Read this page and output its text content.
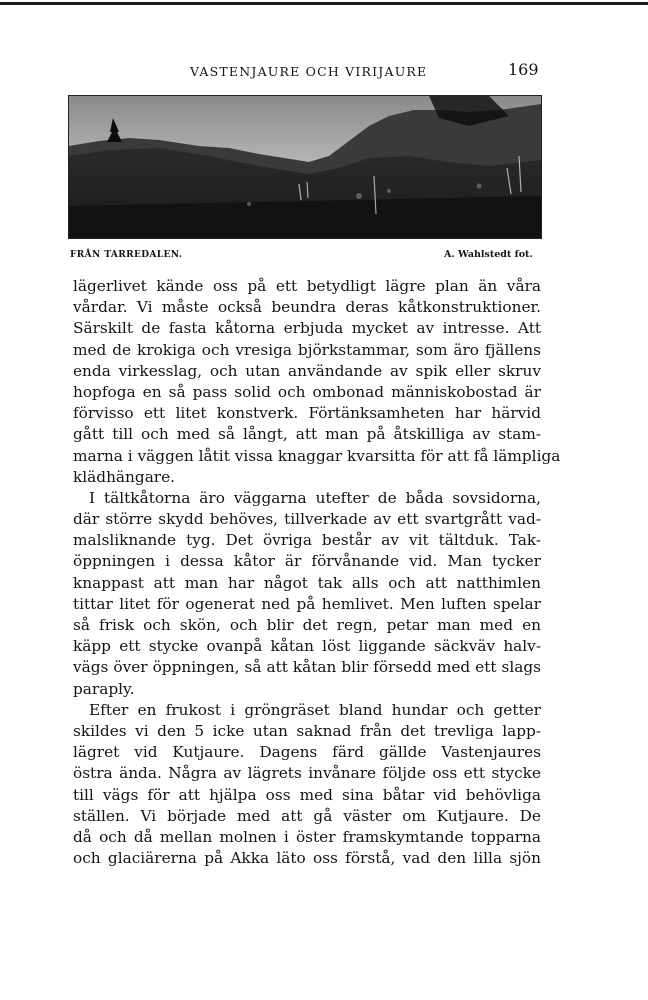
VASTENJAURE OCH VIRIJAURE	169
FRÅN TARREDALEN.	A. Wahlstedt fot.
lägerlivet kände oss på ett betydligt lägre plan än våra
vårdar. Vi måste också beundra deras kåtkonstruktioner.
Särskilt de fasta kåtorna erbjuda mycket av intresse. Att
med de krokiga och vresiga björkstammar, som äro fjällens
enda virkesslag, och utan användande av spik eller skruv
hopfoga en så pass solid och ombonad människobostad är
förvisso ett litet konstverk. Förtänksamheten har härvid
gått till och med så långt, att man på åtskilliga av stam-
marna i väggen låtit vissa knaggar kvarsitta för att få lämpliga
klädhängare.
I tältkåtorna äro väggarna utefter de båda sovsidorna,
där större skydd behöves, tillverkade av ett svartgrått vad-
malsliknande tyg. Det övriga består av vit tältduk. Tak-
öppningen i dessa kåtor är förvånande vid. Man tycker
knappast att man har något tak alls och att natthimlen
tittar litet för ogenerat ned på hemlivet. Men luften spelar
så frisk och skön, och blir det regn, petar man med en
käpp ett stycke ovanpå kåtan löst liggande säckväv halv-
vägs över öppningen, så att kåtan blir försedd med ett slags
paraply.
Efter en frukost i gröngräset bland hundar och getter
skildes vi den 5 icke utan saknad från det trevliga lapp-
lägret vid Kutjaure. Dagens färd gällde Vastenjaures
östra ända. Några av lägrets invånare följde oss ett stycke
till vägs för att hjälpa oss med sina båtar vid behövliga
ställen. Vi började med att gå väster om Kutjaure. De
då och då mellan molnen i öster framskymtande topparna
och glaciärerna på Akka läto oss förstå, vad den lilla sjön
